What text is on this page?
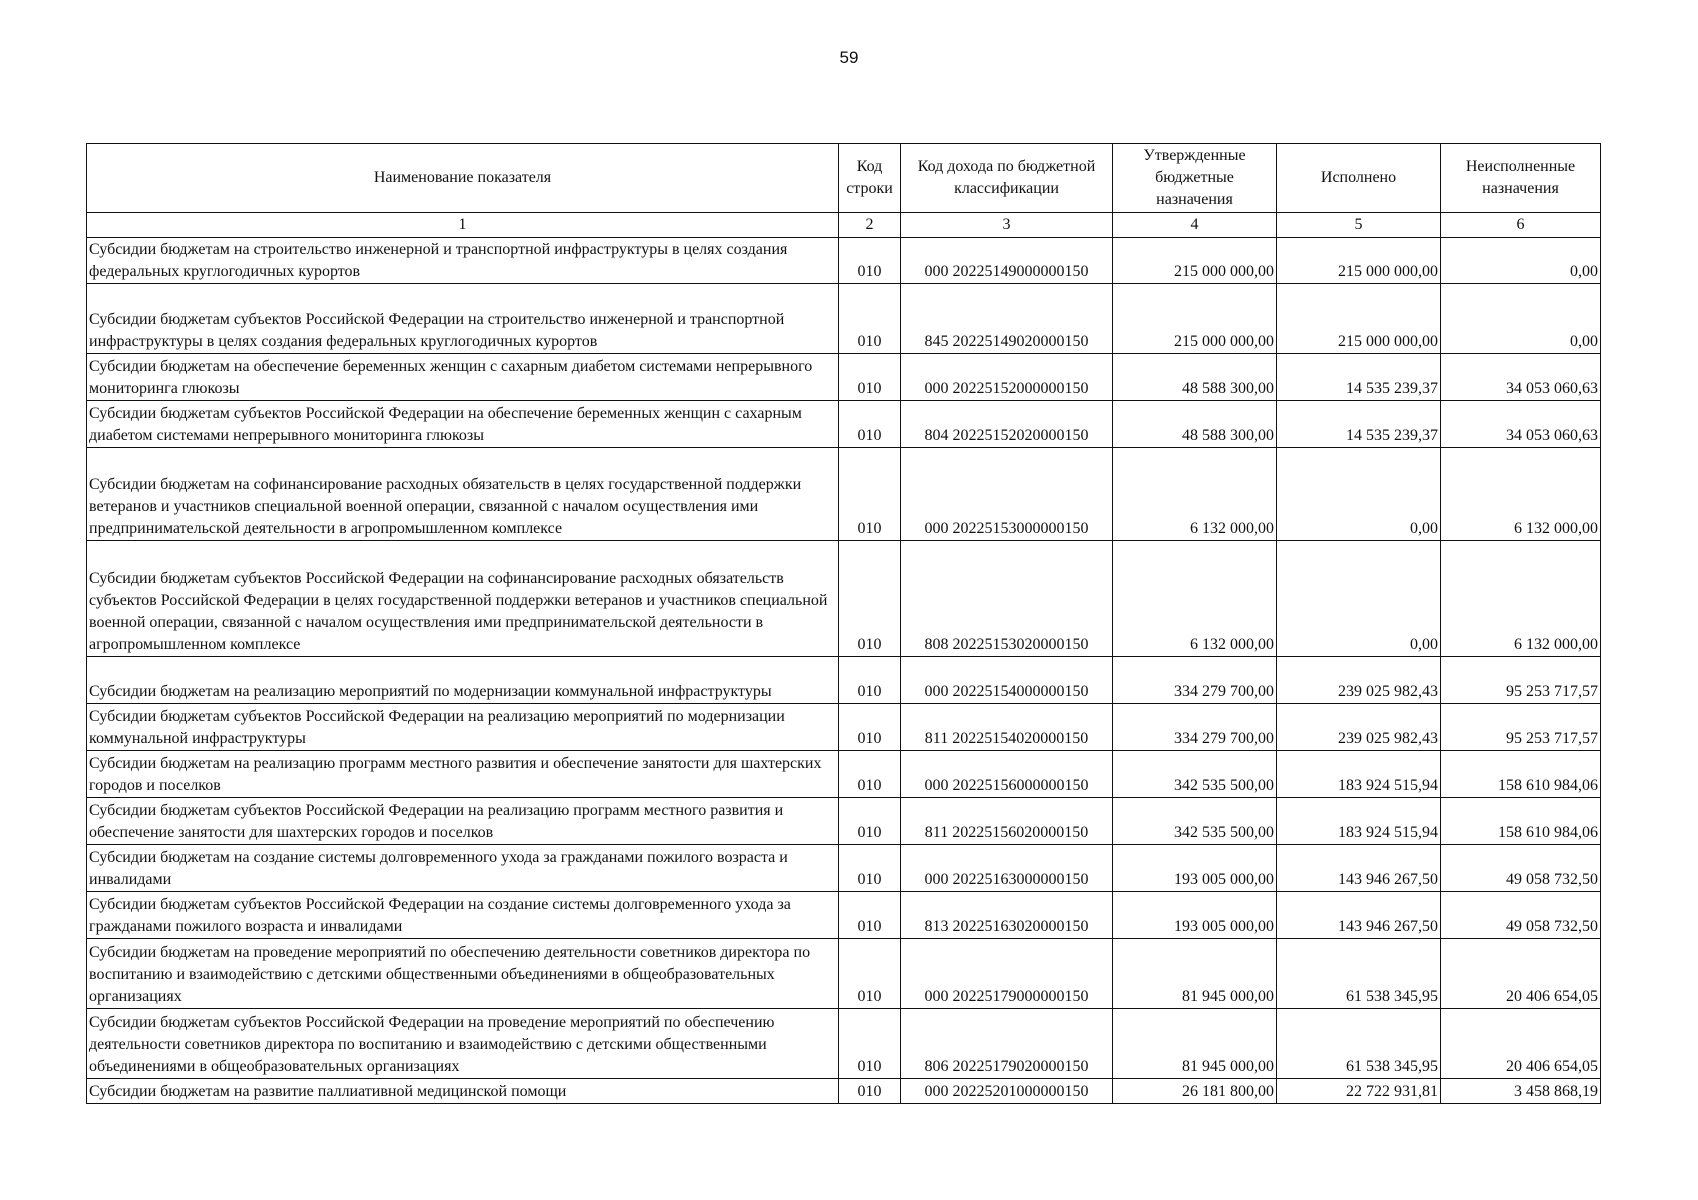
59
Наименование показателя	Код строки	Код дохода по бюджетной классификации	Утвержденные бюджетные назначения	Исполнено	Неисполненные назначения
1	2	3	4	5	6
Субсидии бюджетам на строительство инженерной и транспортной инфраструктуры в целях создания федеральных круглогодичных курортов	010	000 20225149000000150	215 000 000,00	215 000 000,00	0,00
Субсидии бюджетам субъектов Российской Федерации на строительство инженерной и транспортной инфраструктуры в целях создания федеральных круглогодичных курортов	010	845 20225149020000150	215 000 000,00	215 000 000,00	0,00
Субсидии бюджетам на обеспечение беременных женщин с сахарным диабетом системами непрерывного мониторинга глюкозы	010	000 20225152000000150	48 588 300,00	14 535 239,37	34 053 060,63
Субсидии бюджетам субъектов Российской Федерации на обеспечение беременных женщин с сахарным диабетом системами непрерывного мониторинга глюкозы	010	804 20225152020000150	48 588 300,00	14 535 239,37	34 053 060,63
Субсидии бюджетам на софинансирование расходных обязательств в целях государственной поддержки ветеранов и участников специальной военной операции, связанной с началом осуществления ими предпринимательской деятельности в агропромышленном комплексе	010	000 20225153000000150	6 132 000,00	0,00	6 132 000,00
Субсидии бюджетам субъектов Российской Федерации на софинансирование расходных обязательств субъектов Российской Федерации в целях государственной поддержки ветеранов и участников специальной военной операции, связанной с началом осуществления ими предпринимательской деятельности в агропромышленном комплексе	010	808 20225153020000150	6 132 000,00	0,00	6 132 000,00
Субсидии бюджетам на реализацию мероприятий по модернизации коммунальной инфраструктуры	010	000 20225154000000150	334 279 700,00	239 025 982,43	95 253 717,57
Субсидии бюджетам субъектов Российской Федерации на реализацию мероприятий по модернизации коммунальной инфраструктуры	010	811 20225154020000150	334 279 700,00	239 025 982,43	95 253 717,57
Субсидии бюджетам на реализацию программ местного развития и обеспечение занятости для шахтерских городов и поселков	010	000 20225156000000150	342 535 500,00	183 924 515,94	158 610 984,06
Субсидии бюджетам субъектов Российской Федерации на реализацию программ местного развития и обеспечение занятости для шахтерских городов и поселков	010	811 20225156020000150	342 535 500,00	183 924 515,94	158 610 984,06
Субсидии бюджетам на создание системы долговременного ухода за гражданами пожилого возраста и инвалидами	010	000 20225163000000150	193 005 000,00	143 946 267,50	49 058 732,50
Субсидии бюджетам субъектов Российской Федерации на создание системы долговременного ухода за гражданами пожилого возраста и инвалидами	010	813 20225163020000150	193 005 000,00	143 946 267,50	49 058 732,50
Субсидии бюджетам на проведение мероприятий по обеспечению деятельности советников директора по воспитанию и взаимодействию с детскими общественными объединениями в общеобразовательных организациях	010	000 20225179000000150	81 945 000,00	61 538 345,95	20 406 654,05
Субсидии бюджетам субъектов Российской Федерации на проведение мероприятий по обеспечению деятельности советников директора по воспитанию и взаимодействию с детскими общественными объединениями в общеобразовательных организациях	010	806 20225179020000150	81 945 000,00	61 538 345,95	20 406 654,05
Субсидии бюджетам на развитие паллиативной медицинской помощи	010	000 20225201000000150	26 181 800,00	22 722 931,81	3 458 868,19
